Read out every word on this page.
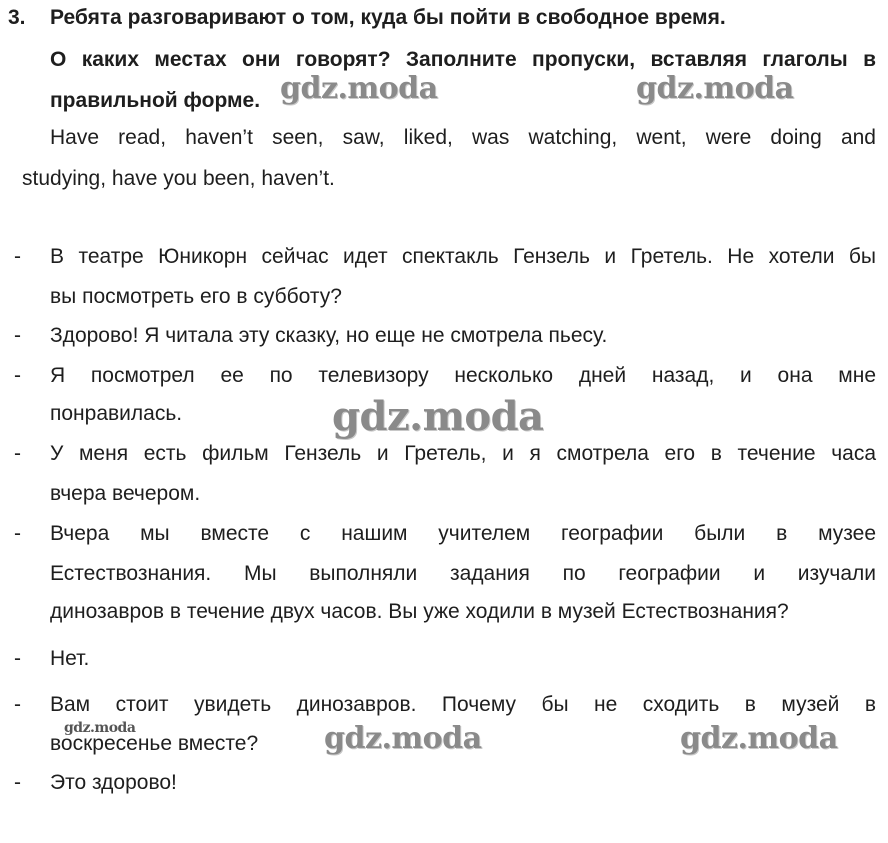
3. Ребята разговаривают о том, куда бы пойти в свободное время.
О каких местах они говорят? Заполните пропуски, вставляя глаголы в
правильной форме.
Have read, haven’t seen, saw, liked, was watching, went, were doing and
studying, have you been, haven’t.
- В театре Юникорн сейчас идет спектакль Гензель и Гретель. Не хотели бы
вы посмотреть его в субботу?
- Здорово! Я читала эту сказку, но еще не смотрела пьесу.
- Я посмотрел ее по телевизору несколько дней назад, и она мне
понравилась.
- У меня есть фильм Гензель и Гретель, и я смотрела его в течение часа
вчера вечером.
- Вчера мы вместе с нашим учителем географии были в музее
Естествознания. Мы выполняли задания по географии и изучали
динозавров в течение двух часов. Вы уже ходили в музей Естествознания?
- Нет.
- Вам стоит увидеть динозавров. Почему бы не сходить в музей в
воскресенье вместе?
- Это здорово!
gdz.moda	gdz.moda
gdz.moda
gdz.moda	gdz.moda	gdz.moda
